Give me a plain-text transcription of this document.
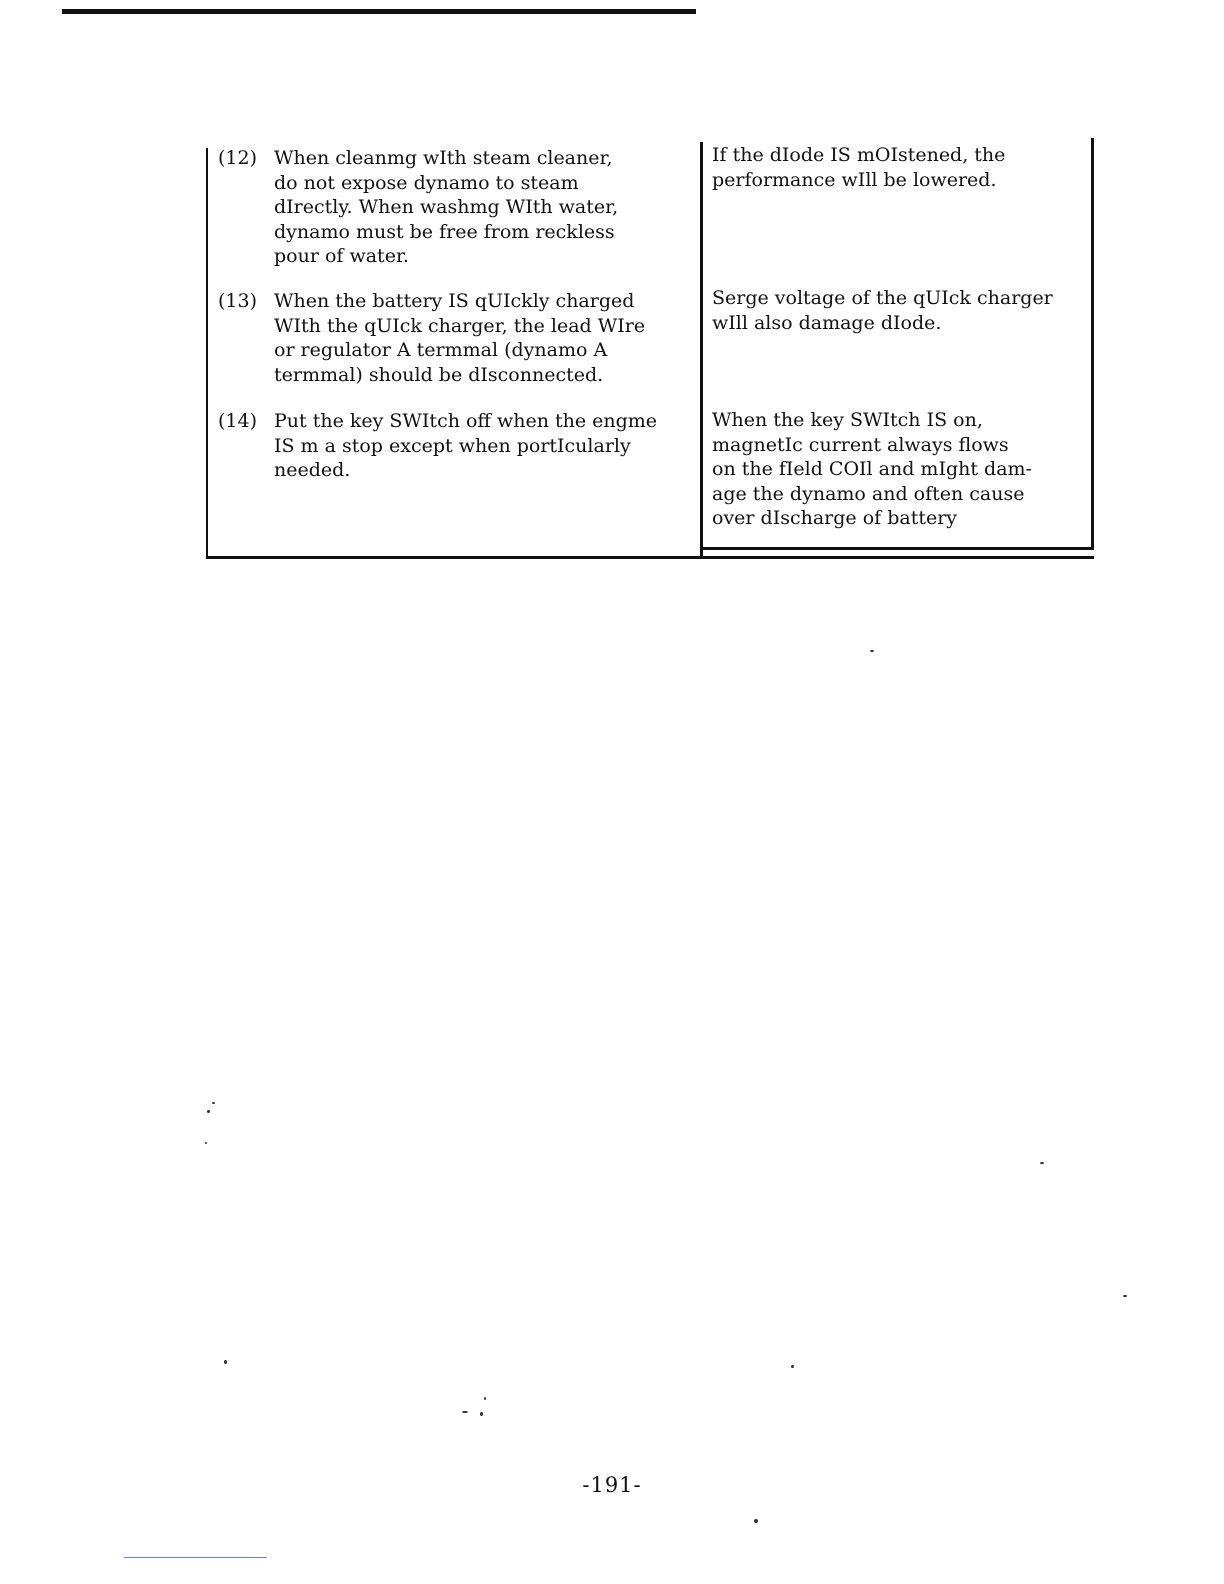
(12) When cleanmg wIth steam cleaner,
do not expose dynamo to steam
dIrectly. When washmg WIth water,
dynamo must be free from reckless
pour of water.
If the dIode IS mOIstened, the
performance wIll be lowered.
(13) When the battery IS qUIckly charged
WIth the qUIck charger, the lead WIre
or regulator A termmal (dynamo A
termmal) should be dIsconnected.
Serge voltage of the qUIck charger
wIll also damage dIode.
(14) Put the key SWItch off when the engme
IS m a stop except when portIcularly
needed.
When the key SWItch IS on,
magnetIc current always flows
on the fIeld COIl and mIght dam-
age the dynamo and often cause
over dIscharge of battery
-191-
